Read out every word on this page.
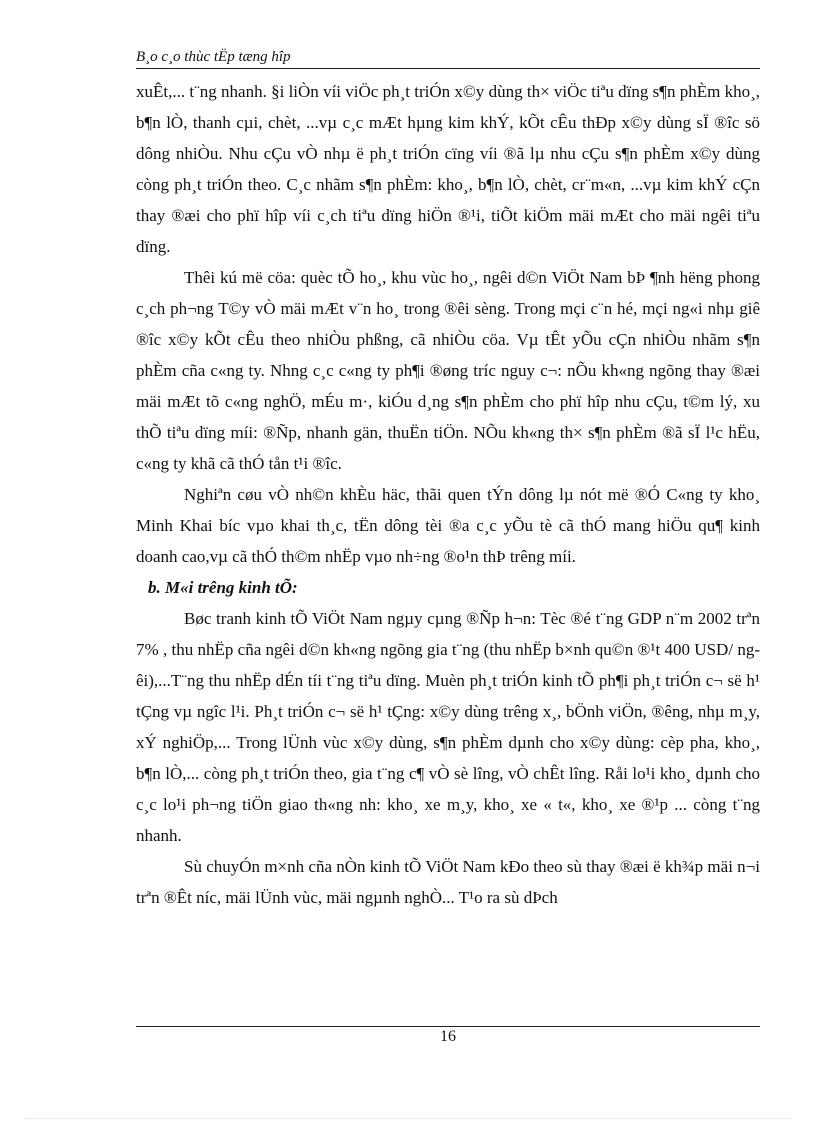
B¸o c¸o thùc tËp tæng hîp

xuÊt,... t¨ng nhanh. §i liÒn víi viÖc ph¸t triÓn x©y dùng th× viÖc tiªu dïng s¶n phÈm kho¸, b¶n lÒ, thanh cµi, chèt, ...vµ c¸c mÆt hµng kim khÝ, kÕt cÊu thÐp x©y dùng sÏ ®îc sö dông nhiÒu. Nhu cÇu vÒ nhµ ë ph¸t triÓn cïng víi ®ã lµ nhu cÇu s¶n phÈm x©y dùng còng ph¸t triÓn theo. C¸c nhãm s¶n phÈm: kho¸, b¶n lÒ, chèt, cr¨m«n, ...vµ kim khÝ cÇn thay ®æi cho phï hîp víi c¸ch tiªu dïng hiÖn ®¹i, tiÕt kiÖm mäi mÆt cho mäi ngêi tiªu dïng.

Thêi kú më cöa: quèc tÕ ho¸, khu vùc ho¸, ngêi d©n ViÖt Nam bÞ ¶nh hëng phong c¸ch ph¬ng T©y vÒ mäi mÆt v¨n ho¸ trong ®êi sèng. Trong mçi c¨n hé, mçi ng«i nhµ giê ®îc x©y kÕt cÊu theo nhiÒu phßng, cã nhiÒu cöa. Vµ tÊt yÕu cÇn nhiÒu nhãm s¶n phÈm cña c«ng ty. Nhng c¸c c«ng ty ph¶i ®øng tríc nguy c¬: nÕu kh«ng ngõng thay ®æi mäi mÆt tõ c«ng nghÖ, mÉu m·, kiÓu d¸ng s¶n phÈm cho phï hîp nhu cÇu, t©m lý, xu thÕ tiªu dïng míi: ®Ñp, nhanh gän, thuËn tiÖn. NÕu kh«ng th× s¶n phÈm ®ã sÏ l¹c hËu, c«ng ty khã cã thÓ tån t¹i ®îc.

Nghiªn cøu vÒ nh©n khÈu häc, thãi quen tÝn dông lµ nót më ®Ó C«ng ty kho¸ Minh Khai bíc vµo khai th¸c, tËn dông tèi ®a c¸c yÕu tè cã thÓ mang hiÖu qu¶ kinh doanh cao,vµ cã thÓ th©m nhËp vµo nh÷ng ®o¹n thÞ trêng míi.

b. M«i trêng kinh tÕ:

Bøc tranh kinh tÕ ViÖt Nam ngµy cµng ®Ñp h¬n: Tèc ®é t¨ng GDP n¨m 2002 trªn 7% , thu nhËp cña ngêi d©n kh«ng ngõng gia t¨ng (thu nhËp b×nh qu©n ®¹t 400 USD/ ngêi),...T¨ng thu nhËp dÉn tíi t¨ng tiªu dïng. Muèn ph¸t triÓn kinh tÕ ph¶i ph¸t triÓn c¬ së h¹ tÇng vµ ngîc l¹i. Ph¸t triÓn c¬ së h¹ tÇng: x©y dùng trêng x¸, bÖnh viÖn, ®êng, nhµ m¸y, xÝ nghiÖp,... Trong lÜnh vùc x©y dùng, s¶n phÈm dµnh cho x©y dùng: cèp pha, kho¸, b¶n lÒ,... còng ph¸t triÓn theo, gia t¨ng c¶ vÒ sè lîng, vÒ chÊt lîng. Råi lo¹i kho¸ dµnh cho c¸c lo¹i ph¬ng tiÖn giao th«ng nh: kho¸ xe m¸y, kho¸ xe « t«, kho¸ xe ®¹p ... còng t¨ng nhanh.

Sù chuyÓn m×nh cña nÒn kinh tÕ ViÖt Nam kÐo theo sù thay ®æi ë kh¾p mäi n¬i trªn ®Êt níc, mäi lÜnh vùc, mäi ngµnh nghÒ... T¹o ra sù dÞch

16
